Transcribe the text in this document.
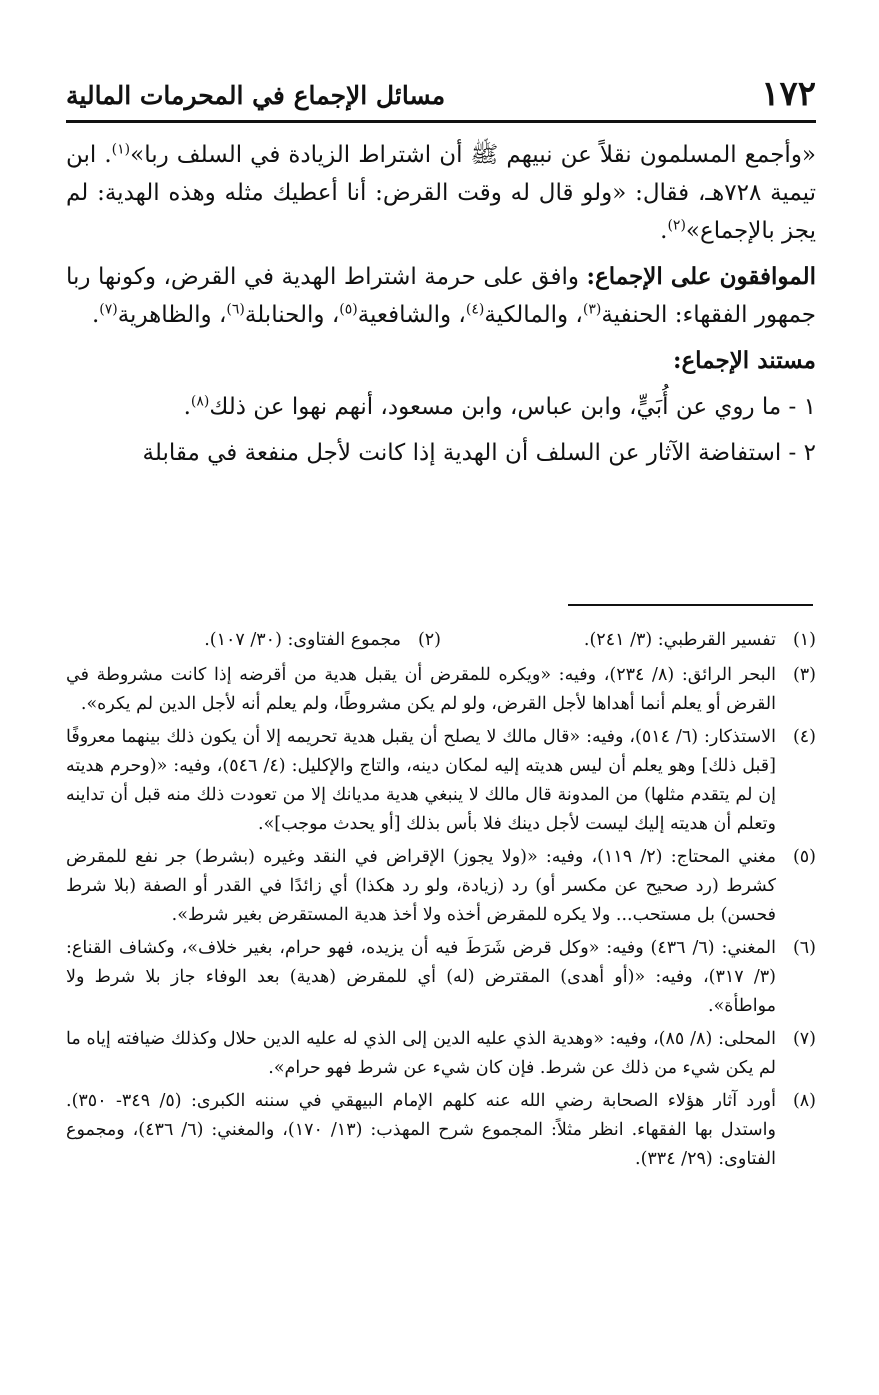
١٧٢
مسائل الإجماع في المحرمات المالية

«وأجمع المسلمون نقلاً عن نبيهم ﷺ أن اشتراط الزيادة في السلف ربا»$^{(١)}$. ابن تيمية ٧٢٨هـ، فقال: «ولو قال له وقت القرض: أنا أعطيك مثله وهذه الهدية: لم يجز بالإجماع»$^{(٢)}$.

الموافقون على الإجماع: وافق على حرمة اشتراط الهدية في القرض، وكونها ربا جمهور الفقهاء: الحنفية$^{(٣)}$، والمالكية$^{(٤)}$، والشافعية$^{(٥)}$، والحنابلة$^{(٦)}$، والظاهرية$^{(٧)}$.

مستند الإجماع:

١ - ما روي عن أُبَيٍّ، وابن عباس، وابن مسعود، أنهم نهوا عن ذلك$^{(٨)}$.

٢ - استفاضة الآثار عن السلف أن الهدية إذا كانت لأجل منفعة في مقابلة

(١)
تفسير القرطبي: (٣/ ٢٤١).
(٢)
مجموع الفتاوى: (٣٠/ ١٠٧).
(٣)
البحر الرائق: (٨/ ٢٣٤)، وفيه: «ويكره للمقرض أن يقبل هدية من أقرضه إذا كانت مشروطة في القرض أو يعلم أنما أهداها لأجل القرض، ولو لم يكن مشروطًا، ولم يعلم أنه لأجل الدين لم يكره».
(٤)
الاستذكار: (٦/ ٥١٤)، وفيه: «قال مالك لا يصلح أن يقبل هدية تحريمه إلا أن يكون ذلك بينهما معروفًا [قبل ذلك] وهو يعلم أن ليس هديته إليه لمكان دينه، والتاج والإكليل: (٤/ ٥٤٦)، وفيه: «(وحرم هديته إن لم يتقدم مثلها) من المدونة قال مالك لا ينبغي هدية مديانك إلا من تعودت ذلك منه قبل أن تداينه وتعلم أن هديته إليك ليست لأجل دينك فلا بأس بذلك [أو يحدث موجب]».
(٥)
مغني المحتاج: (٢/ ١١٩)، وفيه: «(ولا يجوز) الإقراض في النقد وغيره (بشرط) جر نفع للمقرض كشرط (رد صحيح عن مكسر أو) رد (زيادة، ولو رد هكذا) أي زائدًا في القدر أو الصفة (بلا شرط فحسن) بل مستحب... ولا يكره للمقرض أخذه ولا أخذ هدية المستقرض بغير شرط».
(٦)
المغني: (٦/ ٤٣٦) وفيه: «وكل قرض شَرَطَ فيه أن يزيده، فهو حرام، بغير خلاف»، وكشاف القناع: (٣/ ٣١٧)، وفيه: «(أو أهدى) المقترض (له) أي للمقرض (هدية) بعد الوفاء جاز بلا شرط ولا مواطأة».
(٧)
المحلى: (٨/ ٨٥)، وفيه: «وهدية الذي عليه الدين إلى الذي له عليه الدين حلال وكذلك ضيافته إياه ما لم يكن شيء من ذلك عن شرط. فإن كان شيء عن شرط فهو حرام».
(٨)
أورد آثار هؤلاء الصحابة رضي الله عنه كلهم الإمام البيهقي في سننه الكبرى: (٥/ ٣٤٩- ٣٥٠). واستدل بها الفقهاء. انظر مثلاً: المجموع شرح المهذب: (١٣/ ١٧٠)، والمغني: (٦/ ٤٣٦)، ومجموع الفتاوى: (٢٩/ ٣٣٤).
